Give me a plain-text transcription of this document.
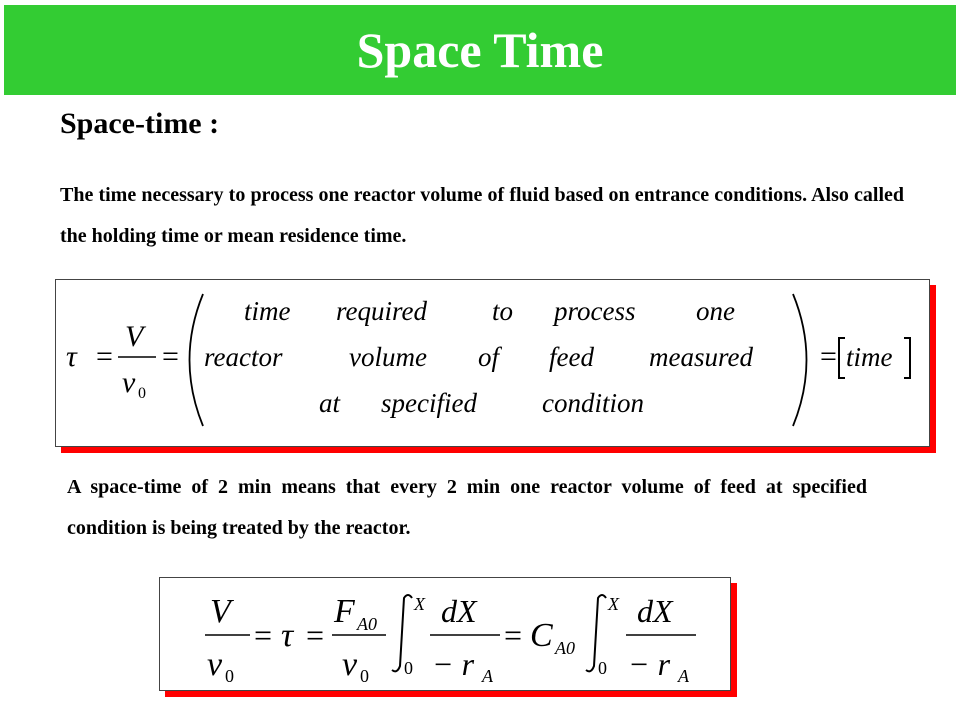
Space Time
Space-time :

The time necessary to process one reactor volume of fluid based on entrance conditions. Also called the holding time or mean residence time.

τ =
V
v 0
=
time required to process one
reactor volume of feed measured
at specified condition
= time

A space-time of 2 min means that every 2 min one reactor volume of feed at specified condition is being treated by the reactor.

V
v 0
= τ =
F A0
v 0
X
0
dX
− r A
= C A0
X
0
dX
− r A
